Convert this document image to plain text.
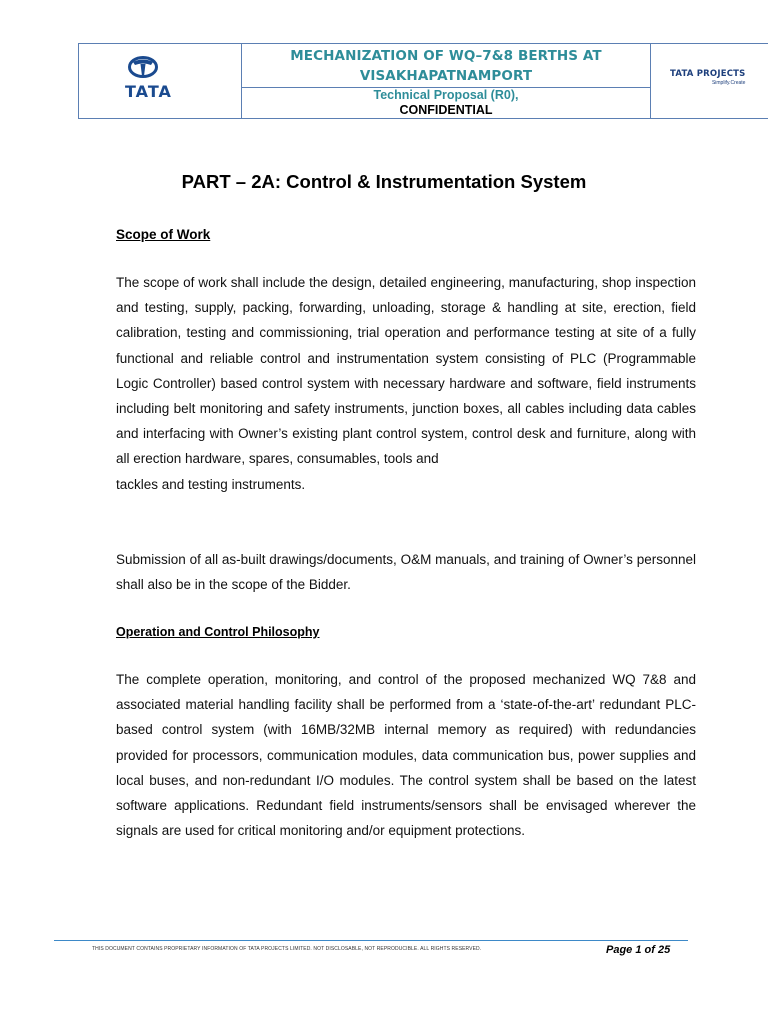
TATA
MECHANIZATION OF WQ–7&8 BERTHS AT
VISAKHAPATNAMPORT
Technical Proposal (R0),
CONFIDENTIAL
TATA PROJECTS
Simplify.Create
PART – 2A: Control & Instrumentation System
Scope of Work
The scope of work shall include the design, detailed engineering, manufacturing, shop inspection and testing, supply, packing, forwarding, unloading, storage & handling at site, erection, field calibration, testing and commissioning, trial operation and performance testing at site of a fully functional and reliable control and instrumentation system consisting of PLC (Programmable Logic Controller) based control system with necessary hardware and software, field instruments including belt monitoring and safety instruments, junction boxes, all cables including data cables and interfacing with Owner’s existing plant control system, control desk and furniture, along with all erection hardware, spares, consumables, tools and
tackles and testing instruments.
Submission of all as-built drawings/documents, O&M manuals, and training of Owner’s personnel shall also be in the scope of the Bidder.
Operation and Control Philosophy
The complete operation, monitoring, and control of the proposed mechanized WQ 7&8 and associated material handling facility shall be performed from a ‘state-of-the-art’ redundant PLC-based control system (with 16MB/32MB internal memory as required) with redundancies provided for processors, communication modules, data communication bus, power supplies and local buses, and non-redundant I/O modules. The control system shall be based on the latest software applications. Redundant field instruments/sensors shall be envisaged wherever the signals are used for critical monitoring and/or equipment protections.
THIS DOCUMENT CONTAINS PROPRIETARY INFORMATION OF TATA PROJECTS LIMITED. NOT DISCLOSABLE, NOT REPRODUCIBLE. ALL RIGHTS RESERVED.	Page 1 of 25
